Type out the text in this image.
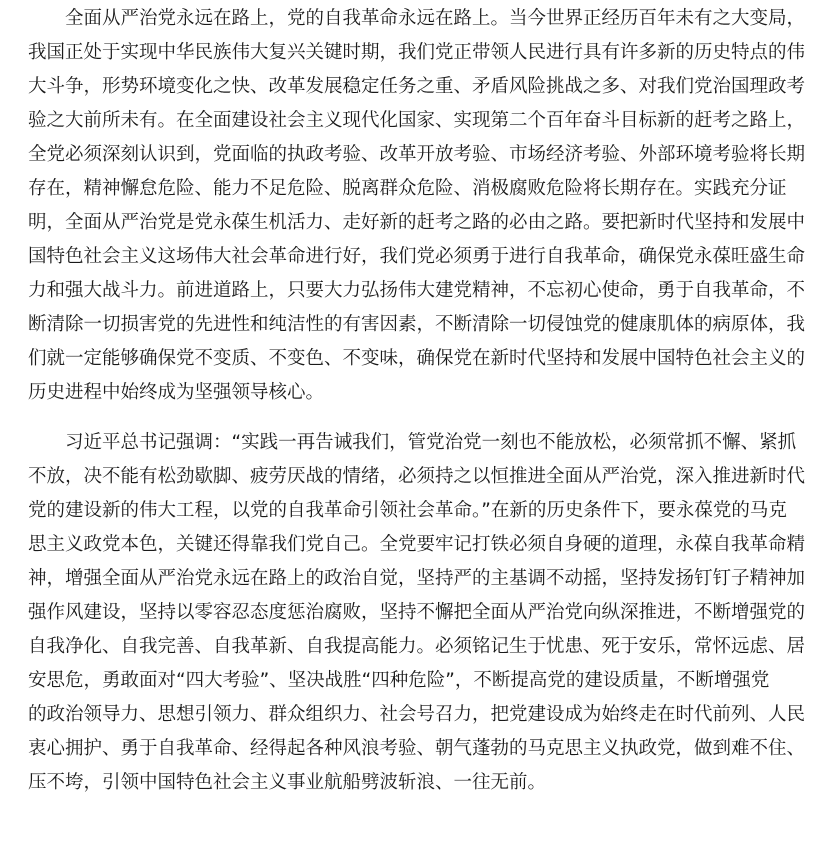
全面从严治党永远在路上，党的自我革命永远在路上。当今世界正经历百年未有之大变局，
我国正处于实现中华民族伟大复兴关键时期，我们党正带领人民进行具有许多新的历史特点的伟
大斗争，形势环境变化之快、改革发展稳定任务之重、矛盾风险挑战之多、对我们党治国理政考
验之大前所未有。在全面建设社会主义现代化国家、实现第二个百年奋斗目标新的赶考之路上，
全党必须深刻认识到，党面临的执政考验、改革开放考验、市场经济考验、外部环境考验将长期
存在，精神懈怠危险、能力不足危险、脱离群众危险、消极腐败危险将长期存在。实践充分证
明，全面从严治党是党永葆生机活力、走好新的赶考之路的必由之路。要把新时代坚持和发展中
国特色社会主义这场伟大社会革命进行好，我们党必须勇于进行自我革命，确保党永葆旺盛生命
力和强大战斗力。前进道路上，只要大力弘扬伟大建党精神，不忘初心使命，勇于自我革命，不
断清除一切损害党的先进性和纯洁性的有害因素，不断清除一切侵蚀党的健康肌体的病原体，我
们就一定能够确保党不变质、不变色、不变味，确保党在新时代坚持和发展中国特色社会主义的
历史进程中始终成为坚强领导核心。

习近平总书记强调：“实践一再告诫我们，管党治党一刻也不能放松，必须常抓不懈、紧抓
不放，决不能有松劲歇脚、疲劳厌战的情绪，必须持之以恒推进全面从严治党，深入推进新时代
党的建设新的伟大工程，以党的自我革命引领社会革命。”在新的历史条件下，要永葆党的马克
思主义政党本色，关键还得靠我们党自己。全党要牢记打铁必须自身硬的道理，永葆自我革命精
神，增强全面从严治党永远在路上的政治自觉，坚持严的主基调不动摇，坚持发扬钉钉子精神加
强作风建设，坚持以零容忍态度惩治腐败，坚持不懈把全面从严治党向纵深推进，不断增强党的
自我净化、自我完善、自我革新、自我提高能力。必须铭记生于忧患、死于安乐，常怀远虑、居
安思危，勇敢面对“四大考验”、坚决战胜“四种危险”，不断提高党的建设质量，不断增强党
的政治领导力、思想引领力、群众组织力、社会号召力，把党建设成为始终走在时代前列、人民
衷心拥护、勇于自我革命、经得起各种风浪考验、朝气蓬勃的马克思主义执政党，做到难不住、
压不垮，引领中国特色社会主义事业航船劈波斩浪、一往无前。
